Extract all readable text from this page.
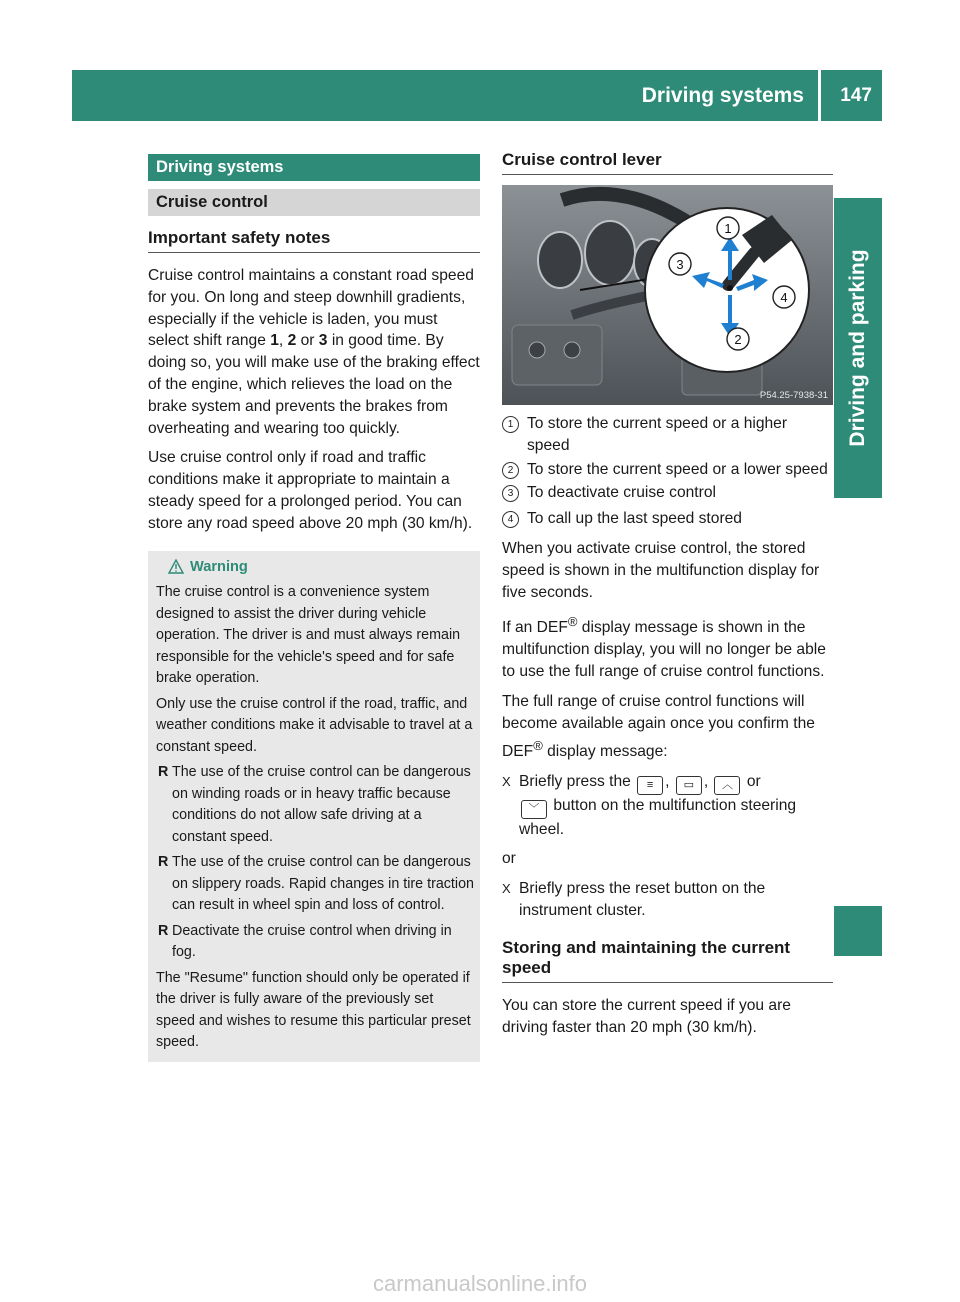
Driving systems	147
Driving and parking
Driving systems
Cruise control
Important safety notes

Cruise control maintains a constant road speed for you. On long and steep downhill gradients, especially if the vehicle is laden, you must select shift range 1, 2 or 3 in good time. By doing so, you will make use of the braking effect of the engine, which relieves the load on the brake system and prevents the brakes from overheating and wearing too quickly.

Use cruise control only if road and traffic conditions make it appropriate to maintain a steady speed for a prolonged period. You can store any road speed above 20 mph (30 km/h).

Warning

The cruise control is a convenience system designed to assist the driver during vehicle operation. The driver is and must always remain responsible for the vehicle's speed and for safe brake operation.

Only use the cruise control if the road, traffic, and weather conditions make it advisable to travel at a constant speed.

R The use of the cruise control can be dangerous on winding roads or in heavy traffic because conditions do not allow safe driving at a constant speed.
R The use of the cruise control can be dangerous on slippery roads. Rapid changes in tire traction can result in wheel spin and loss of control.
R Deactivate the cruise control when driving in fog.

The "Resume" function should only be operated if the driver is fully aware of the previously set speed and wishes to resume this particular preset speed.

Cruise control lever
1
2
3
4
P54.25-7938-31
1 To store the current speed or a higher speed
2 To store the current speed or a lower speed
3 To deactivate cruise control
4 To call up the last speed stored

When you activate cruise control, the stored speed is shown in the multifunction display for five seconds.

If an DEF® display message is shown in the multifunction display, you will no longer be able to use the full range of cruise control functions.

The full range of cruise control functions will become available again once you confirm the DEF® display message:

X Briefly press the ≡ , ▭ , ︿ or
﹀ button on the multifunction steering wheel.

or

X Briefly press the reset button on the instrument cluster.
Storing and maintaining the current speed

You can store the current speed if you are driving faster than 20 mph (30 km/h).

carmanualsonline.info
